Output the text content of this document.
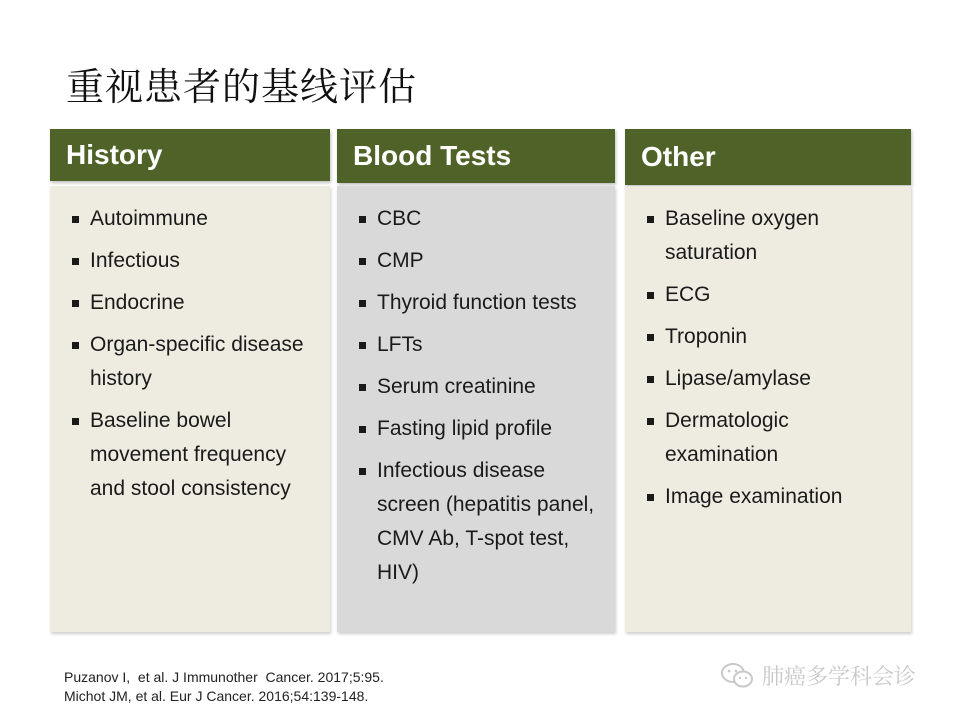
重视患者的基线评估
History
Autoimmune
Infectious
Endocrine
Organ-specific disease history
Baseline bowel movement frequency and stool consistency
Blood Tests
CBC
CMP
Thyroid function tests
LFTs
Serum creatinine
Fasting lipid profile
Infectious disease screen (hepatitis panel, CMV Ab, T-spot test, HIV)
Other
Baseline oxygen saturation
ECG
Troponin
Lipase/amylase
Dermatologic examination
Image examination
Puzanov I,  et al. J Immunother  Cancer. 2017;5:95.
Michot JM, et al. Eur J Cancer. 2016;54:139-148.
肺癌多学科会诊
